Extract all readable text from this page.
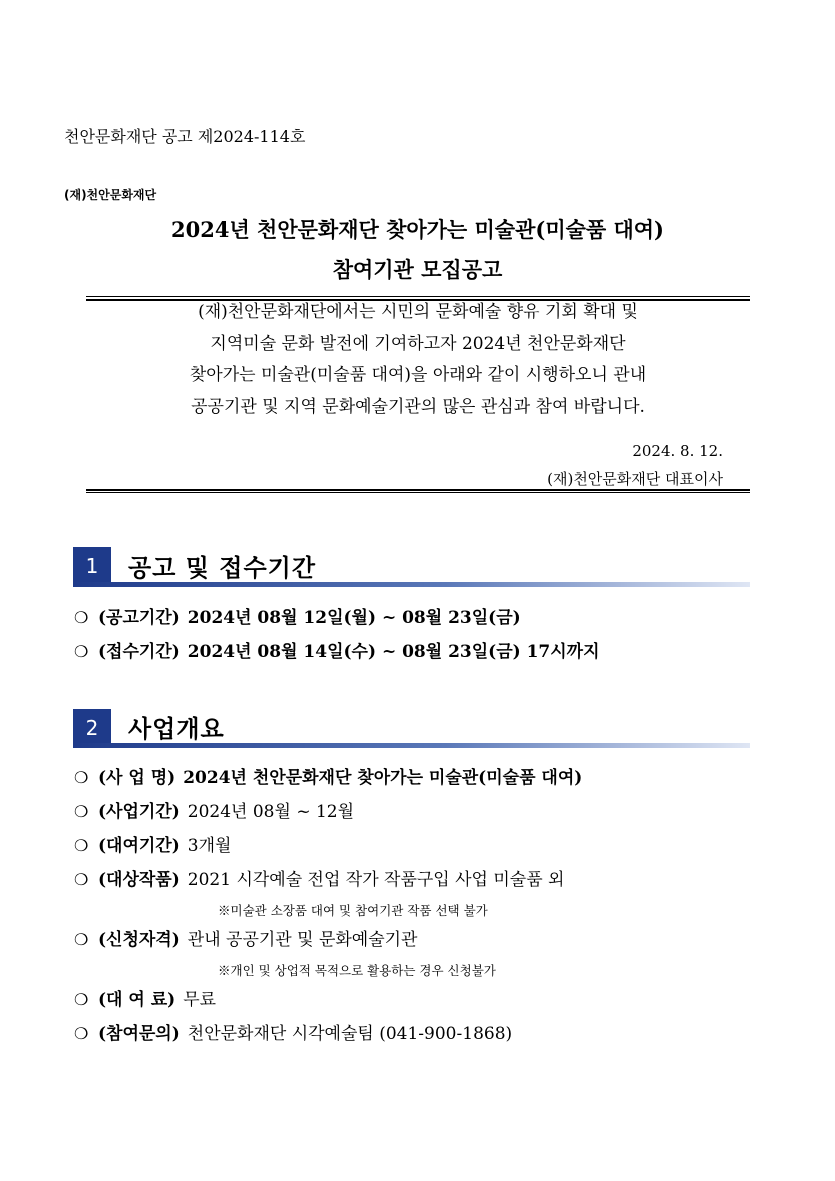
천안문화재단 공고 제2024-114호
(재)천안문화재단
2024년 천안문화재단 찾아가는 미술관(미술품 대여)
참여기관 모집공고
(재)천안문화재단에서는 시민의 문화예술 향유 기회 확대 및
지역미술 문화 발전에 기여하고자 2024년 천안문화재단
찾아가는 미술관(미술품 대여)을 아래와 같이 시행하오니 관내
공공기관 및 지역 문화예술기관의 많은 관심과 참여 바랍니다.
2024. 8. 12.
(재)천안문화재단 대표이사
1	공고 및 접수기간
❍ (공고기간) 2024년 08월 12일(월) ~ 08월 23일(금)
❍ (접수기간) 2024년 08월 14일(수) ~ 08월 23일(금) 17시까지
2	사업개요
❍ (사 업 명) 2024년 천안문화재단 찾아가는 미술관(미술품 대여)
❍ (사업기간) 2024년 08월 ~ 12월
❍ (대여기간) 3개월
❍ (대상작품) 2021 시각예술 전업 작가 작품구입 사업 미술품 외
※미술관 소장품 대여 및 참여기관 작품 선택 불가
❍ (신청자격) 관내 공공기관 및 문화예술기관
※개인 및 상업적 목적으로 활용하는 경우 신청불가
❍ (대 여 료) 무료
❍ (참여문의) 천안문화재단 시각예술팀 (041-900-1868)
